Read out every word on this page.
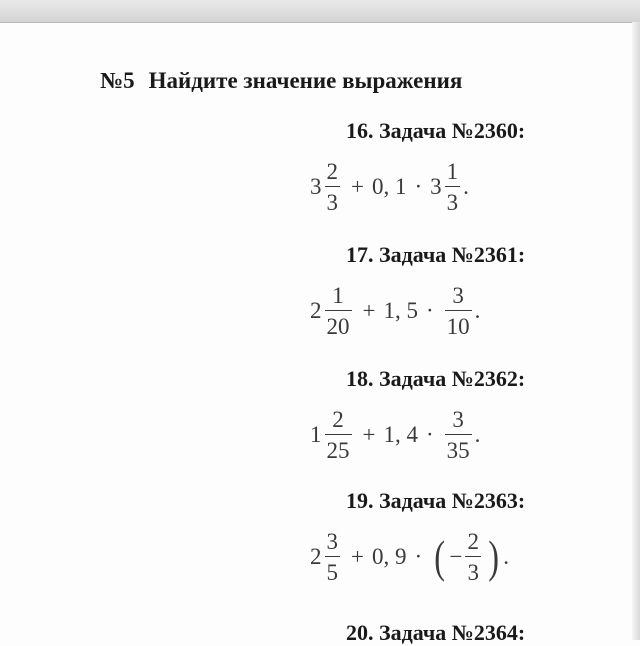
№5 Найдите значение выражения
16. Задача №2360:
$3 \frac{2}{3} + 0$, $1 \cdot 3 \frac{1}{3}$ .
17. Задача №2361:
$2 \frac{1}{20} + 1$, $5 \cdot \frac{3}{10}$ .
18. Задача №2362:
$1 \frac{2}{25} + 1$, $4 \cdot \frac{3}{35}$ .
19. Задача №2363:
$2 \frac{3}{5} + 0$, 9 · ( − $\frac{2}{3}$ ) .
20. Задача №2364:
